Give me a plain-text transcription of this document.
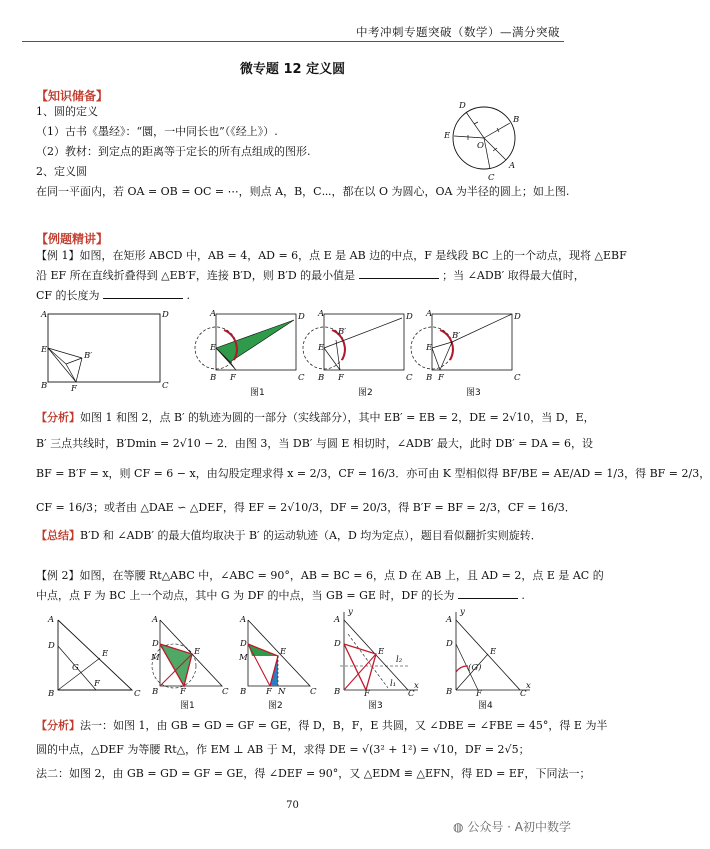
中考冲刺专题突破（数学）—满分突破
微专题 12 定义圆
【知识储备】
1、圆的定义
（1）古书《墨经》：“圜，一中同长也”（《经上》）.
（2）教材：到定点的距离等于定长的所有点组成的图形.
2、定义圆
在同一平面内，若 OA = OB = OC = ⋯，则点 A，B，C⋯，都在以 O 为圆心，OA 为半径的圆上；如上图.
D
B
E
O
A
C
【例题精讲】
【例 1】如图，在矩形 ABCD 中，AB = 4，AD = 6，点 E 是 AB 边的中点，F 是线段 BC 上的一个动点，现将 △EBF
沿 EF 所在直线折叠得到 △EB′F，连接 B′D，则 B′D 的最小值是	；当 ∠ADB′ 取得最大值时，
CF 的长度为	.
A	D
E
B′
B	F	C
A	D
E
B F	C
图1
A	D
B′
E
B F	C
图2
A	D
B′
E
B F	C
图3
【分析】如图 1 和图 2，点 B′ 的轨迹为圆的一部分（实线部分），其中 EB′ = EB = 2，DE = 2√10，当 D，E，
B′ 三点共线时，B′Dmin = 2√10 − 2．由图 3，当 DB′ 与圆 E 相切时，∠ADB′ 最大，此时 DB′ = DA = 6，设
BF = B′F = x，则 CF = 6 − x，由勾股定理求得 x = 2/3，CF = 16/3．亦可由 K 型相似得 BF/BE = AE/AD = 1/3，得 BF = 2/3，
CF = 16/3；或者由 △DAE ∽ △DEF，得 EF = 2√10/3，DF = 20/3，得 B′F = BF = 2/3，CF = 16/3．
【总结】B′D 和 ∠ADB′ 的最大值均取决于 B′ 的运动轨迹（A，D 均为定点），题目看似翻折实则旋转．
【例 2】如图，在等腰 Rt△ABC 中，∠ABC = 90°，AB = BC = 6，点 D 在 AB 上，且 AD = 2，点 E 是 AC 的
中点，点 F 为 BC 上一个动点，其中 G 为 DF 的中点，当 GB = GE 时，DF 的长为	.
A
D
G
E
B
F
C
A
D
M
E
B	F	C
图1
A
D
M
E
B F N	C
图2
y
A
D
E
l₂
l₁
B	F	C
x
图3
y
A
D
(G)
E
B	F	C
x
图4
【分析】法一：如图 1，由 GB = GD = GF = GE，得 D，B，F，E 共圆，又 ∠DBE = ∠FBE = 45°，得 E 为半
圆的中点，△DEF 为等腰 Rt△，作 EM ⊥ AB 于 M，求得 DE = √(3² + 1²) = √10，DF = 2√5；
法二：如图 2，由 GB = GD = GF = GE，得 ∠DEF = 90°，又 △EDM ≌ △EFN，得 ED = EF，下同法一；
70
◍ 公众号 · A初中数学
